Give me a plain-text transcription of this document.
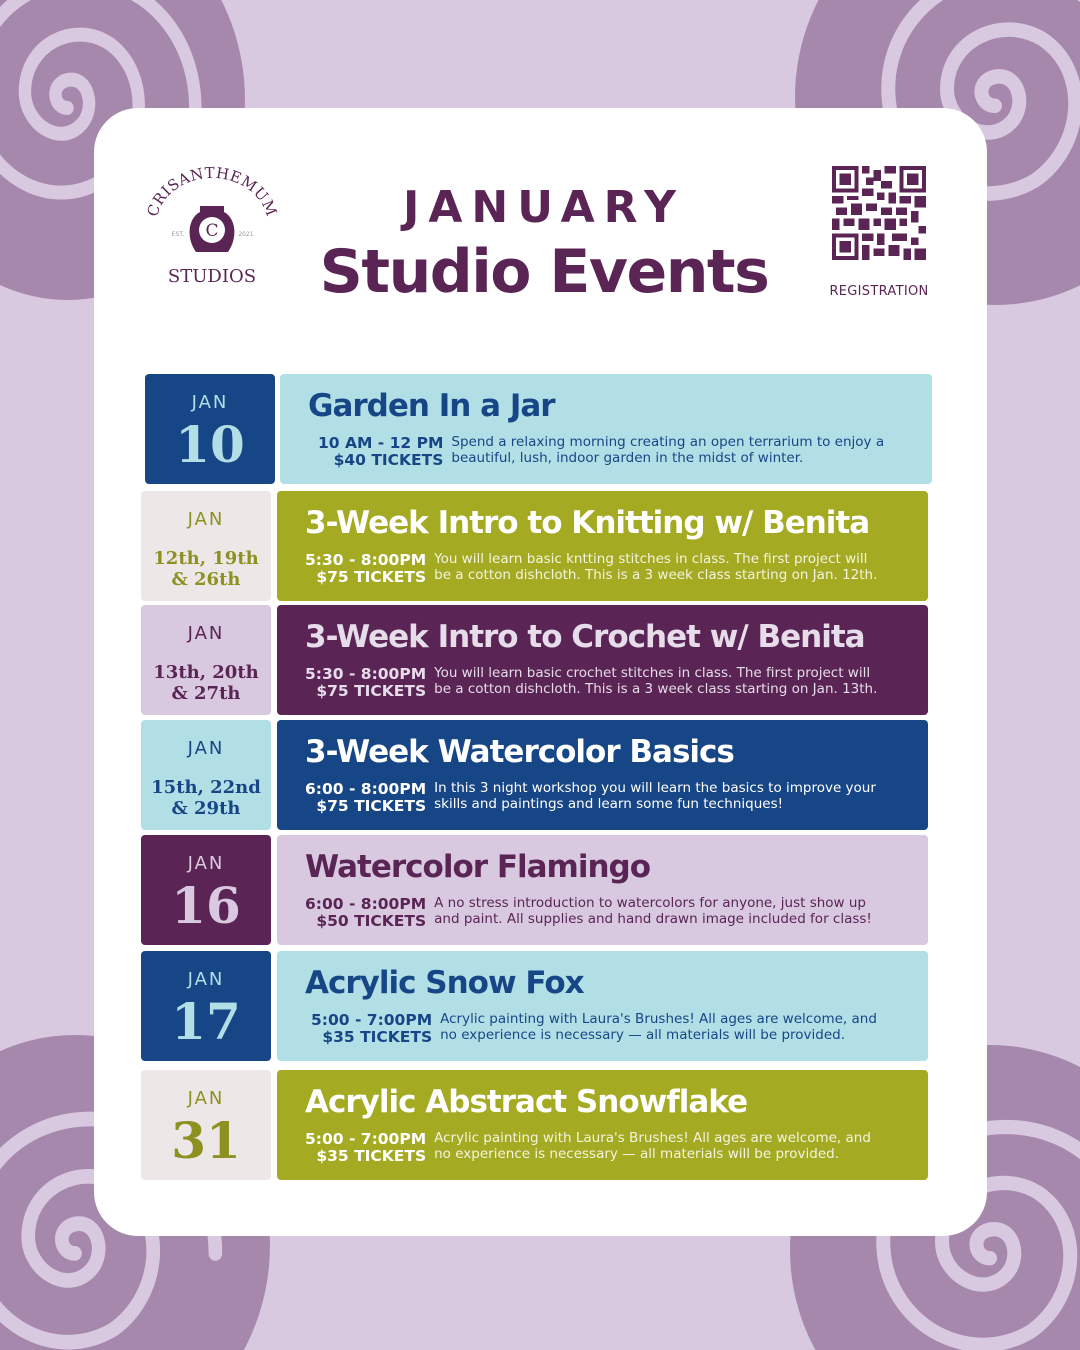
CRISANTHEMUM
C
EST.	2021
STUDIOS
JANUARY
Studio Events	REGISTRATION
JAN
10
Garden In a Jar
10 AM - 12 PM
$40 TICKETS
Spend a relaxing morning creating an open terrarium to enjoy a
beautiful, lush, indoor garden in the midst of winter.
JAN
12th, 19th
& 26th
3-Week Intro to Knitting w/ Benita
5:30 - 8:00PM
$75 TICKETS
You will learn basic kntting stitches in class. The first project will
be a cotton dishcloth. This is a 3 week class starting on Jan. 12th.
JAN
13th, 20th
& 27th
3-Week Intro to Crochet w/ Benita
5:30 - 8:00PM
$75 TICKETS
You will learn basic crochet stitches in class. The first project will
be a cotton dishcloth. This is a 3 week class starting on Jan. 13th.
JAN
15th, 22nd
& 29th
3-Week Watercolor Basics
6:00 - 8:00PM
$75 TICKETS
In this 3 night workshop you will learn the basics to improve your
skills and paintings and learn some fun techniques!
JAN
16
Watercolor Flamingo
6:00 - 8:00PM
$50 TICKETS
A no stress introduction to watercolors for anyone, just show up
and paint. All supplies and hand drawn image included for class!
JAN
17
Acrylic Snow Fox
5:00 - 7:00PM
$35 TICKETS
Acrylic painting with Laura's Brushes! All ages are welcome, and
no experience is necessary — all materials will be provided.
JAN
31
Acrylic Abstract Snowflake
5:00 - 7:00PM
$35 TICKETS
Acrylic painting with Laura's Brushes! All ages are welcome, and
no experience is necessary — all materials will be provided.
